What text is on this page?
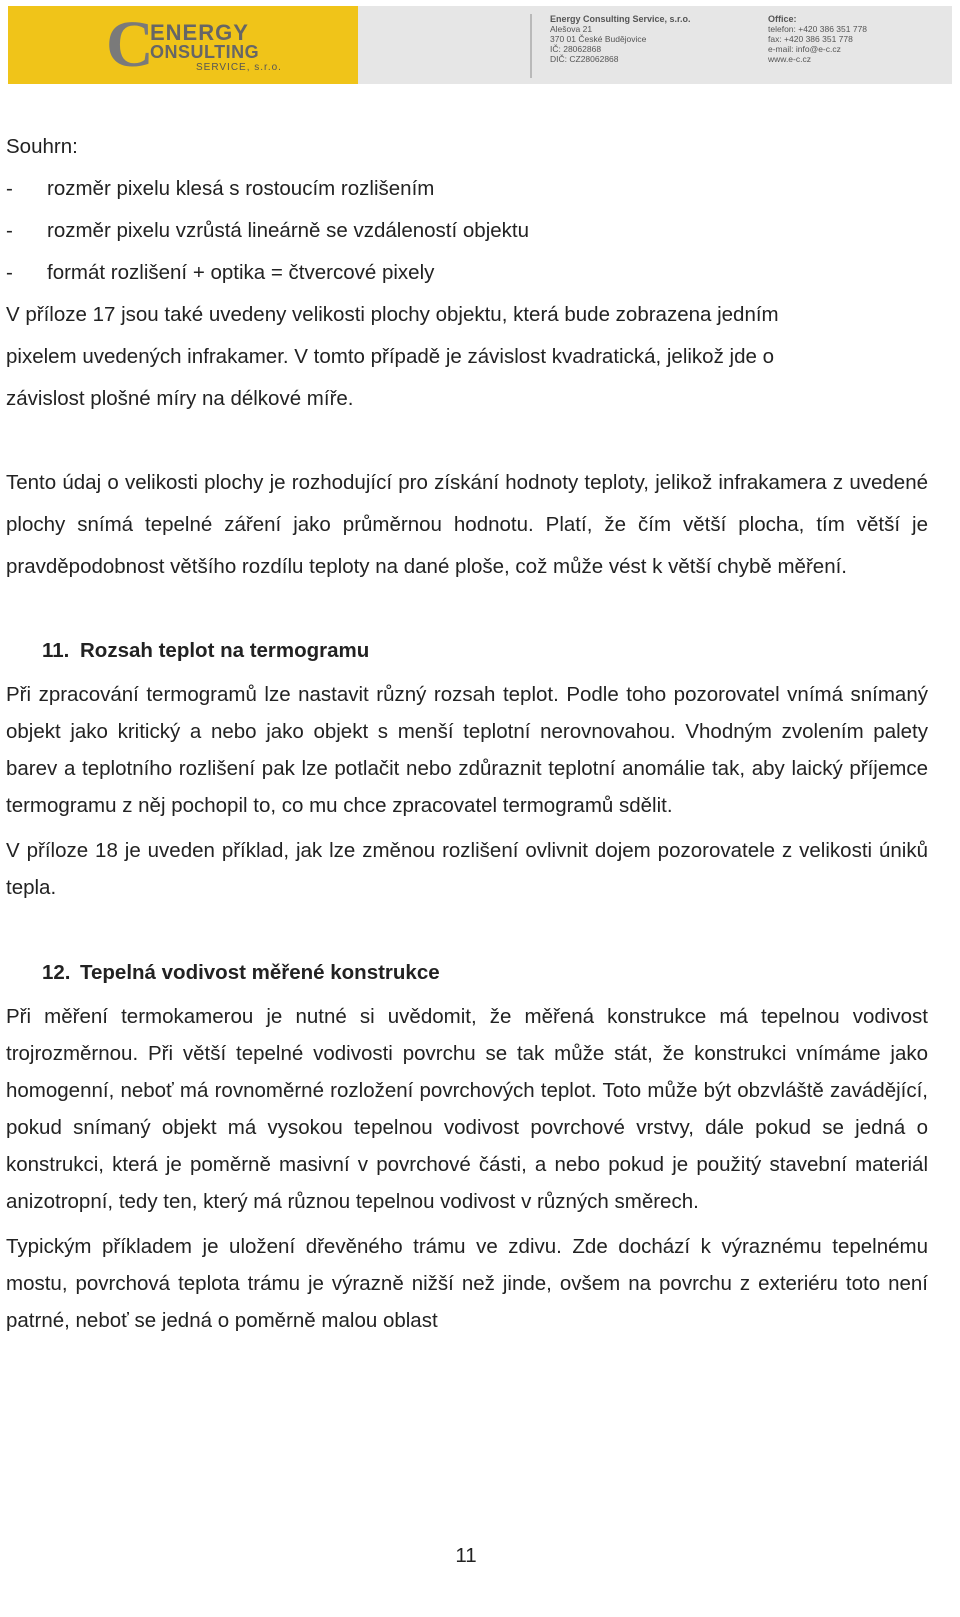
C
ENERGY
ONSULTING
SERVICE, s.r.o.
Energy Consulting Service, s.r.o.
Alešova 21
370 01 České Budějovice
IČ: 28062868
DIČ: CZ28062868
Office:
telefon: +420 386 351 778
fax: +420 386 351 778
e-mail: info@e-c.cz
www.e-c.cz
Souhrn:
- rozměr pixelu klesá s rostoucím rozlišením
- rozměr pixelu vzrůstá lineárně se vzdáleností objektu
- formát rozlišení + optika = čtvercové pixely
V příloze 17 jsou také uvedeny velikosti plochy objektu, která bude zobrazena jedním
pixelem uvedených infrakamer. V tomto případě je závislost kvadratická, jelikož jde o
závislost plošné míry na délkové míře.

Tento údaj o velikosti plochy je rozhodující pro získání hodnoty teploty, jelikož infrakamera z uvedené plochy snímá tepelné záření jako průměrnou hodnotu. Platí, že čím větší plocha, tím větší je pravděpodobnost většího rozdílu teploty na dané ploše, což může vést k větší chybě měření.

11. Rozsah teplot na termogramu

Při zpracování termogramů lze nastavit různý rozsah teplot. Podle toho pozorovatel vnímá snímaný objekt jako kritický a nebo jako objekt s menší teplotní nerovnovahou. Vhodným zvolením palety barev a teplotního rozlišení pak lze potlačit nebo zdůraznit teplotní anomálie tak, aby laický příjemce termogramu z něj pochopil to, co mu chce zpracovatel termogramů sdělit.

V příloze 18 je uveden příklad, jak lze změnou rozlišení ovlivnit dojem pozorovatele z velikosti úniků tepla.

12. Tepelná vodivost měřené konstrukce

Při měření termokamerou je nutné si uvědomit, že měřená konstrukce má tepelnou vodivost trojrozměrnou. Při větší tepelné vodivosti povrchu se tak může stát, že konstrukci vnímáme jako homogenní, neboť má rovnoměrné rozložení povrchových teplot. Toto může být obzvláště zavádějící, pokud snímaný objekt má vysokou tepelnou vodivost povrchové vrstvy, dále pokud se jedná o konstrukci, která je poměrně masivní v povrchové části, a nebo pokud je použitý stavební materiál anizotropní, tedy ten, který má různou tepelnou vodivost v různých směrech.

Typickým příkladem je uložení dřevěného trámu ve zdivu. Zde dochází k výraznému tepelnému mostu, povrchová teplota trámu je výrazně nižší než jinde, ovšem na povrchu z exteriéru toto není patrné, neboť se jedná o poměrně malou oblast

11
